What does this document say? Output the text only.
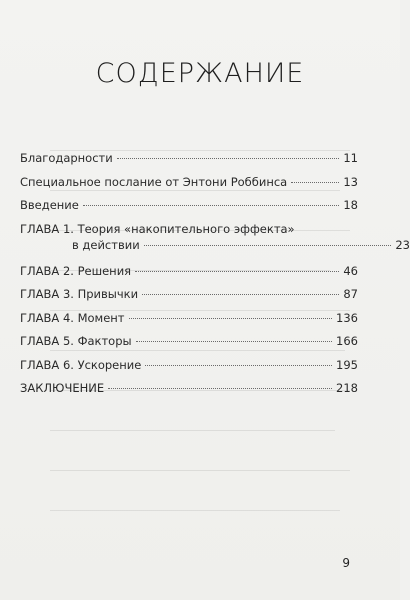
СОДЕРЖАНИЕ
Благодарности	11
Специальное послание от Энтони Роббинса	13
Введение	18
ГЛАВА 1. Теория «накопительного эффекта»
в действии	23
ГЛАВА 2. Решения	46
ГЛАВА 3. Привычки	87
ГЛАВА 4. Момент	136
ГЛАВА 5. Факторы	166
ГЛАВА 6. Ускорение	195
ЗАКЛЮЧЕНИЕ	218
9
